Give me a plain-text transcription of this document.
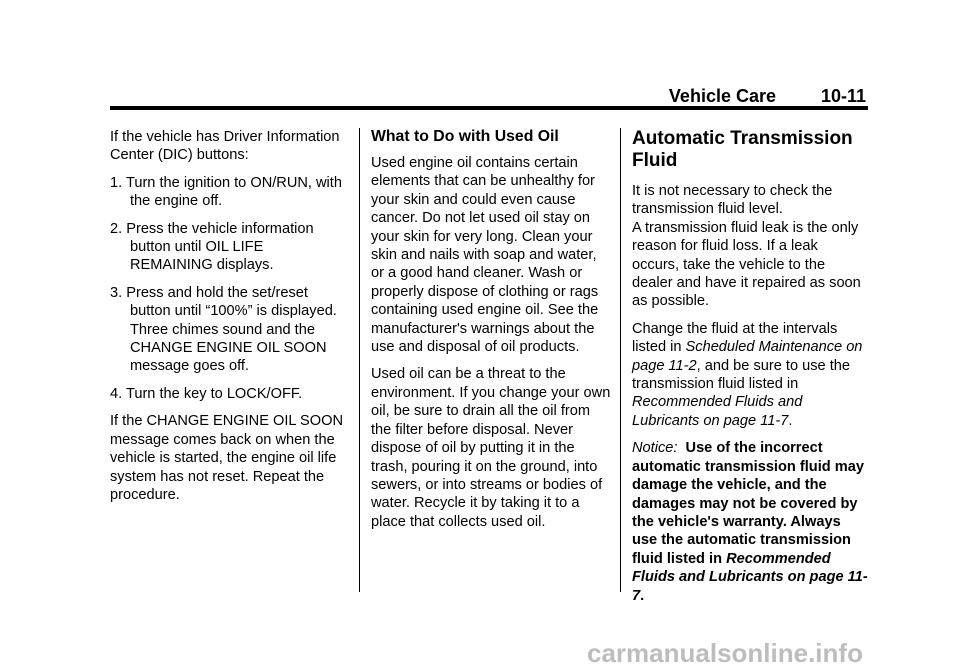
Vehicle Care 10-11

If the vehicle has Driver Information Center (DIC) buttons:

1. Turn the ignition to ON/RUN, with the engine off.
2. Press the vehicle information button until OIL LIFE REMAINING displays.
3. Press and hold the set/reset button until “100%” is displayed. Three chimes sound and the CHANGE ENGINE OIL SOON message goes off.
4. Turn the key to LOCK/OFF.

If the CHANGE ENGINE OIL SOON message comes back on when the vehicle is started, the engine oil life system has not reset. Repeat the procedure.

What to Do with Used Oil

Used engine oil contains certain elements that can be unhealthy for your skin and could even cause cancer. Do not let used oil stay on your skin for very long. Clean your skin and nails with soap and water, or a good hand cleaner. Wash or properly dispose of clothing or rags containing used engine oil. See the manufacturer's warnings about the use and disposal of oil products.

Used oil can be a threat to the environment. If you change your own oil, be sure to drain all the oil from the filter before disposal. Never dispose of oil by putting it in the trash, pouring it on the ground, into sewers, or into streams or bodies of water. Recycle it by taking it to a place that collects used oil.

Automatic Transmission Fluid

It is not necessary to check the transmission fluid level.
A transmission fluid leak is the only reason for fluid loss. If a leak occurs, take the vehicle to the dealer and have it repaired as soon as possible.

Change the fluid at the intervals listed in Scheduled Maintenance on page 11-2, and be sure to use the transmission fluid listed in Recommended Fluids and Lubricants on page 11-7.

Notice: Use of the incorrect automatic transmission fluid may damage the vehicle, and the damages may not be covered by the vehicle's warranty. Always use the automatic transmission fluid listed in Recommended Fluids and Lubricants on page 11-7.

carmanualsonline.info
